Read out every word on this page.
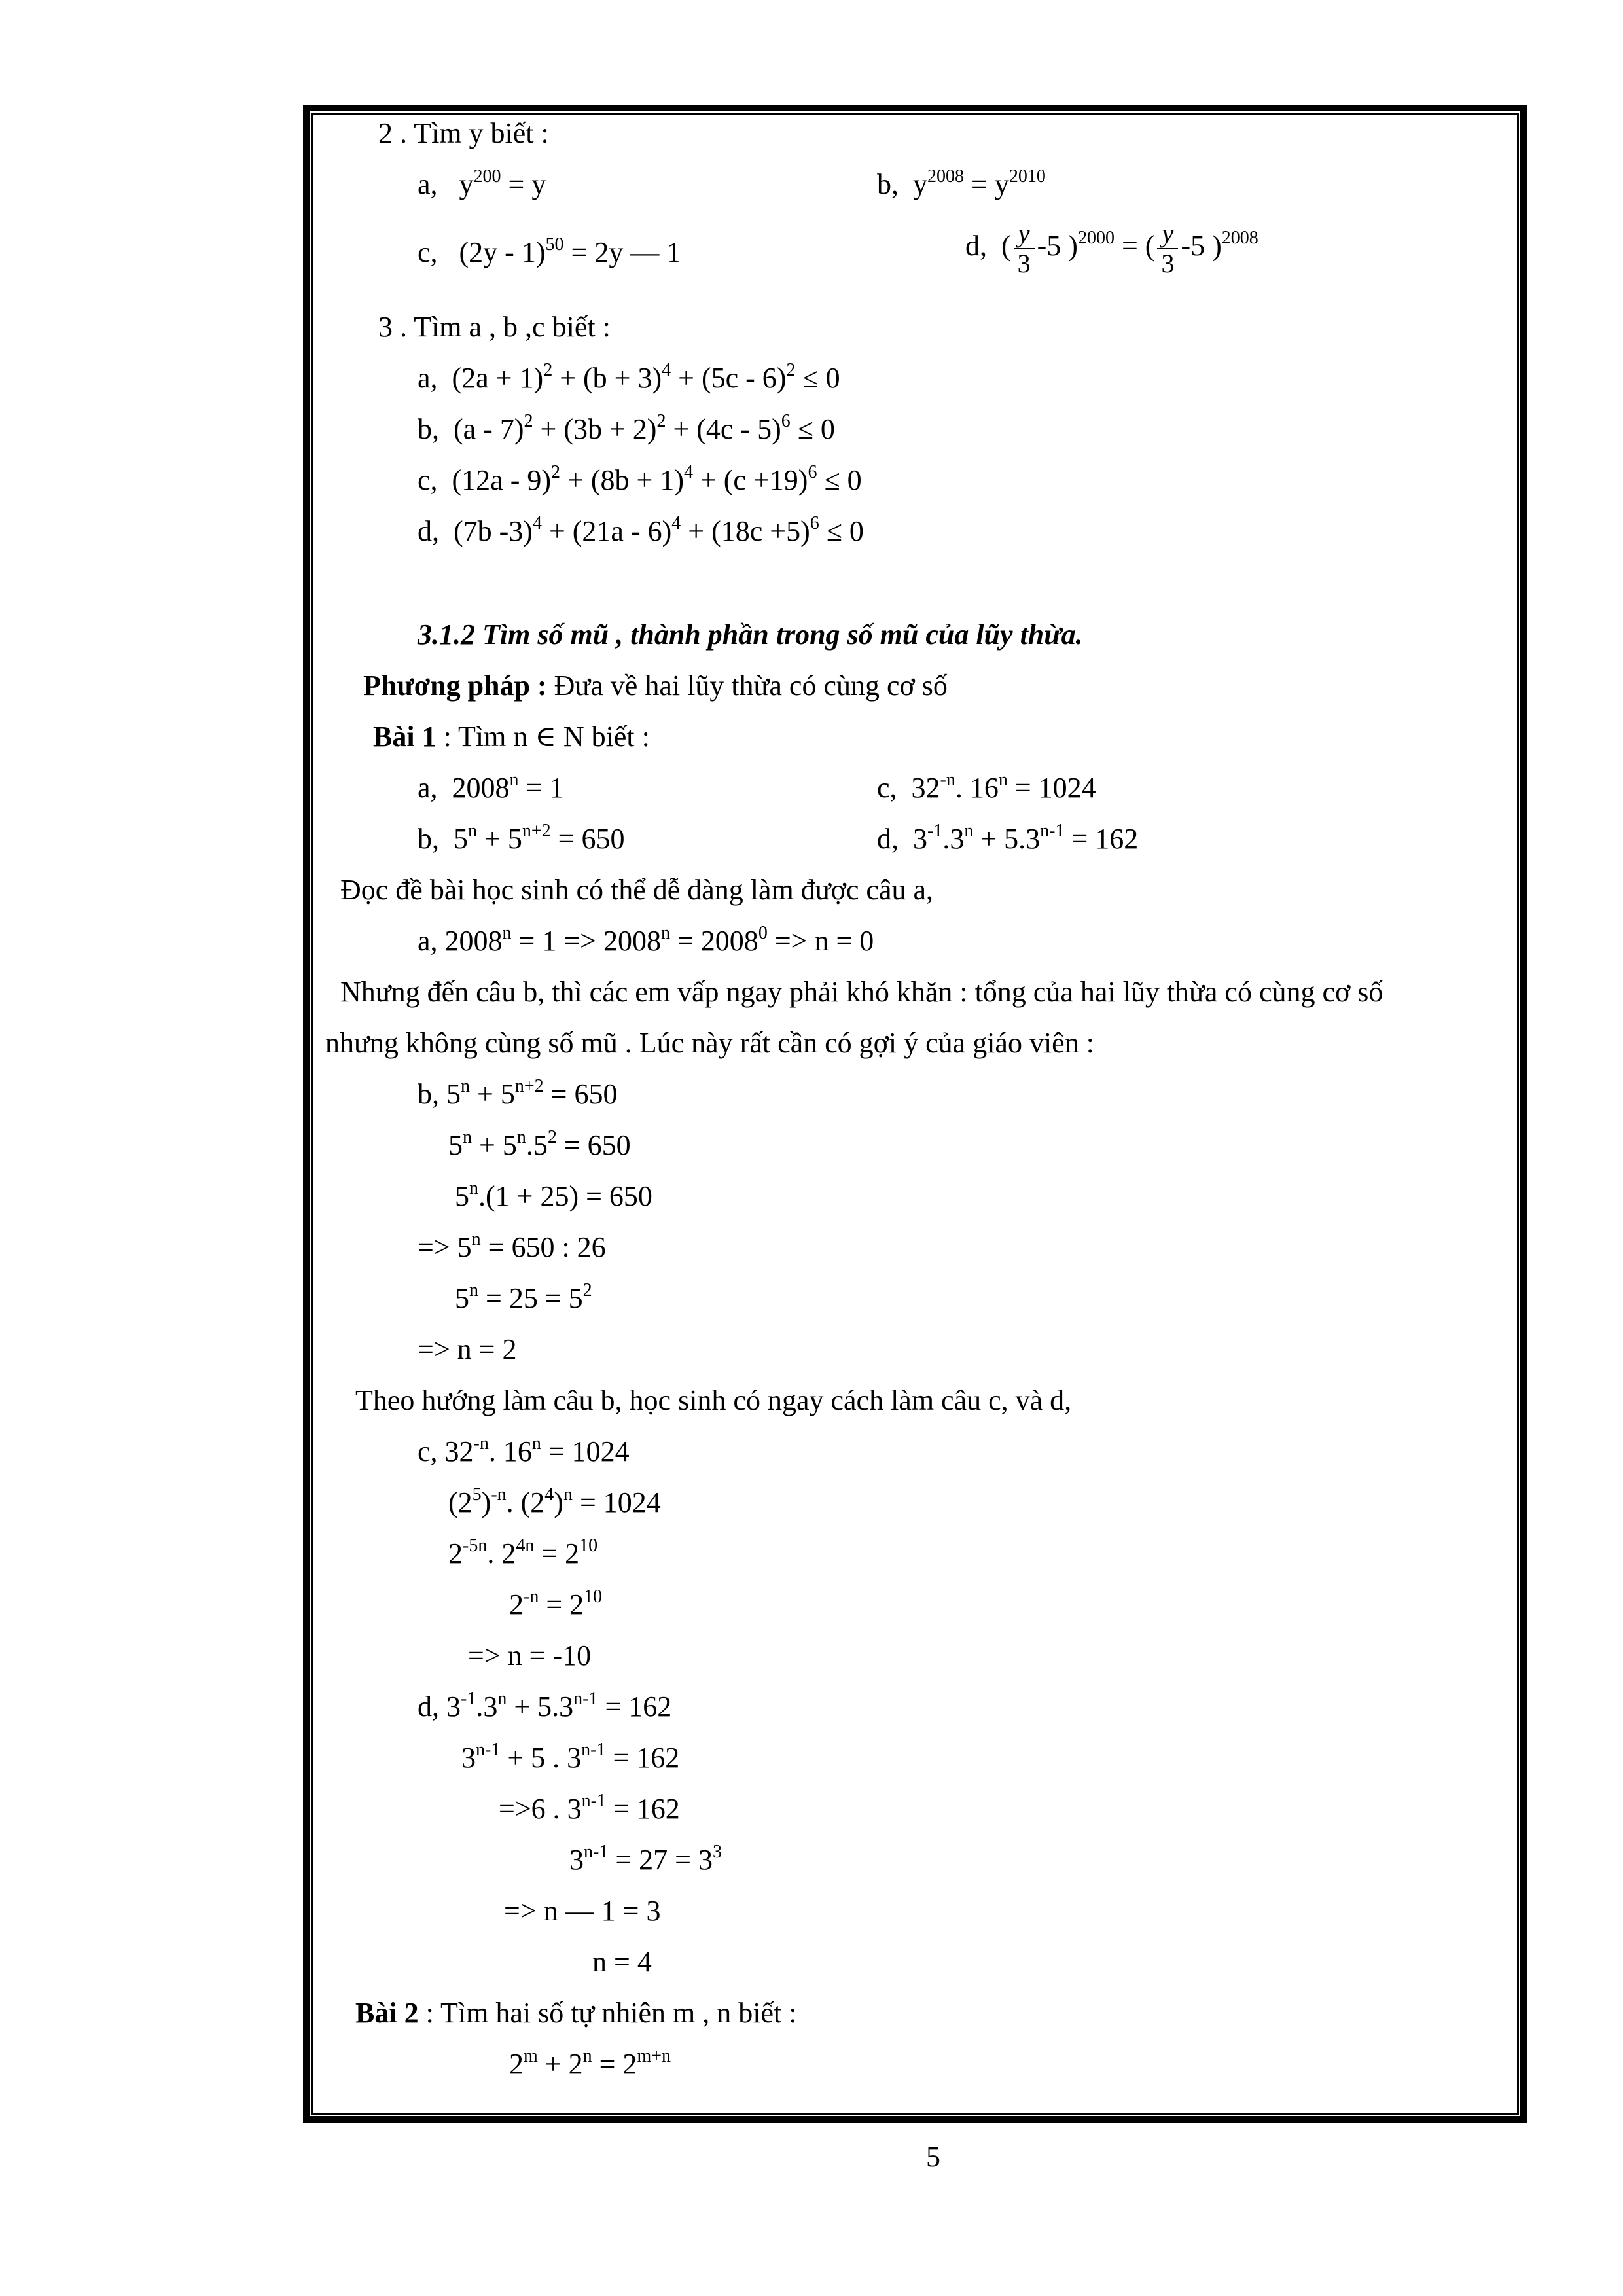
2 . Tìm y biết :
a, $y^{200} = y$	b, $y^{2008} = y^{2010}$
c, (2y - 1)$^{50}$ = 2y — 1	d, ( $\frac{y}{3} -5$ )$^{2000}$ = ( $\frac{y}{3} -5$ )$^{2008}$
3 . Tìm a , b ,c biết :
a, $(2a + 1)^2 + (b + 3)^4 + (5c - 6)^2 \le 0$
b, $(a - 7)^2 + (3b + 2)^2 + (4c - 5)^6 \le 0$
c, $(12a - 9)^2 + (8b + 1)^4 + (c +19)^6 \le 0$
d, (7b $-3)^4 + (21a - 6)^4 + (18c +5)^6 \le 0$
3.1.2 Tìm số mũ , thành phần trong số mũ của lũy thừa.
Phương pháp : Đưa về hai lũy thừa có cùng cơ số
Bài 1 : Tìm n ∈ N biết :
a, $2008^n = 1$	c, $32^{-n}$. $16^n = 1024$
b, $5^n + 5^{n+2} = 650$	d, $3^{-1}.3^n + 5.3^{n-1} = 162$
Đọc đề bài học sinh có thể dễ dàng làm được câu a,
a, $2008^n = 1 => 2008^n = 2008^0 => n = 0$
Nhưng đến câu b, thì các em vấp ngay phải khó khăn : tổng của hai lũy thừa có cùng cơ số
nhưng không cùng số mũ . Lúc này rất cần có gợi ý của giáo viên :
b, $5^n + 5^{n+2} = 650$
$5^n + 5^n.5^2 = 650$
$5^n.(1 + 25) = 650$
=> $5^n = 650$ : 26
$5^n = 25 = 5^2$
=> n = 2
Theo hướng làm câu b, học sinh có ngay cách làm câu c, và d,
c, $32^{-n}$. $16^n = 1024$
$(2^5)^{-n}$. $(2^4)^n = 1024$
$2^{-5n}$. $2^{4n} = 2^{10}$
$2^{-n} = 2^{10}$
=> n = -10
d, $3^{-1}.3^n + 5.3^{n-1} = 162$
$3^{n-1} + 5$ . $3^{n-1} = 162$
=>6 . $3^{n-1} = 162$
$3^{n-1} = 27 = 3^3$
=> n — 1 = 3
n = 4
Bài 2 : Tìm hai số tự nhiên m , n biết :
$2^m + 2^n = 2^{m+n}$
5
